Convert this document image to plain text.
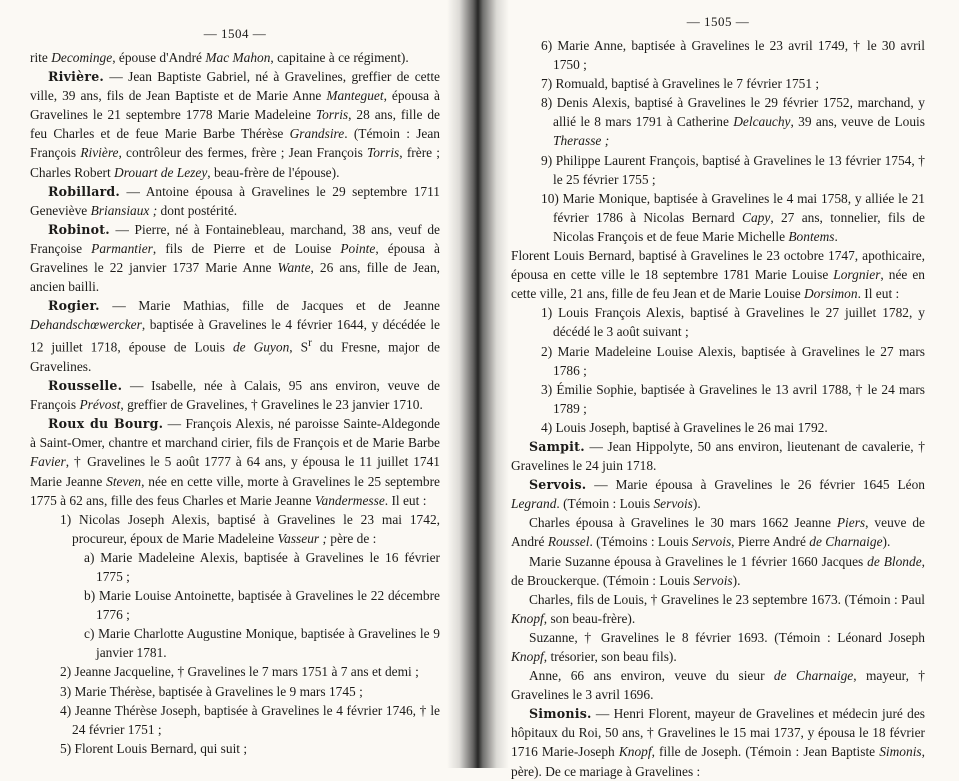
— 1504 —

rite Decominge, épouse d'André Mac Mahon, capitaine à ce régiment).

Rivière. — Jean Baptiste Gabriel, né à Gravelines, greffier de cette ville, 39 ans, fils de Jean Baptiste et de Marie Anne Manteguet, épousa à Gravelines le 21 septembre 1778 Marie Madeleine Torris, 28 ans, fille de feu Charles et de feue Marie Barbe Thérèse Grandsire. (Témoin : Jean François Rivière, contrôleur des fermes, frère ; Jean François Torris, frère ; Charles Robert Drouart de Lezey, beau-frère de l'épouse).

Robillard. — Antoine épousa à Gravelines le 29 septembre 1711 Geneviève Briansiaux ; dont postérité.

Robinot. — Pierre, né à Fontainebleau, marchand, 38 ans, veuf de Françoise Parmantier, fils de Pierre et de Louise Pointe, épousa à Gravelines le 22 janvier 1737 Marie Anne Wante, 26 ans, fille de Jean, ancien bailli.

Rogier. — Marie Mathias, fille de Jacques et de Jeanne Dehandschœwercker, baptisée à Gravelines le 4 février 1644, y décédée le 12 juillet 1718, épouse de Louis de Guyon, $S^r$ du Fresne, major de Gravelines.

Rousselle. — Isabelle, née à Calais, 95 ans environ, veuve de François Prévost, greffier de Gravelines, † Gravelines le 23 janvier 1710.

Roux du Bourg. — François Alexis, né paroisse Sainte-Aldegonde à Saint-Omer, chantre et marchand cirier, fils de François et de Marie Barbe Favier, † Gravelines le 5 août 1777 à 64 ans, y épousa le 11 juillet 1741 Marie Jeanne Steven, née en cette ville, morte à Gravelines le 25 septembre 1775 à 62 ans, fille des feus Charles et Marie Jeanne Vandermesse. Il eut :

1) Nicolas Joseph Alexis, baptisé à Gravelines le 23 mai 1742, procureur, époux de Marie Madeleine Vasseur ; père de :

a) Marie Madeleine Alexis, baptisée à Gravelines le 16 février 1775 ;

b) Marie Louise Antoinette, baptisée à Gravelines le 22 décembre 1776 ;

c) Marie Charlotte Augustine Monique, baptisée à Gravelines le 9 janvier 1781.

2) Jeanne Jacqueline, † Gravelines le 7 mars 1751 à 7 ans et demi ;

3) Marie Thérèse, baptisée à Gravelines le 9 mars 1745 ;

4) Jeanne Thérèse Joseph, baptisée à Gravelines le 4 février 1746, † le 24 février 1751 ;

5) Florent Louis Bernard, qui suit ;

— 1505 —

6) Marie Anne, baptisée à Gravelines le 23 avril 1749, † le 30 avril 1750 ;

7) Romuald, baptisé à Gravelines le 7 février 1751 ;

8) Denis Alexis, baptisé à Gravelines le 29 février 1752, marchand, y allié le 8 mars 1791 à Catherine Delcauchy, 39 ans, veuve de Louis Therasse ;

9) Philippe Laurent François, baptisé à Gravelines le 13 février 1754, † le 25 février 1755 ;

10) Marie Monique, baptisée à Gravelines le 4 mai 1758, y alliée le 21 février 1786 à Nicolas Bernard Capy, 27 ans, tonnelier, fils de Nicolas François et de feue Marie Michelle Bontems.

Florent Louis Bernard, baptisé à Gravelines le 23 octobre 1747, apothicaire, épousa en cette ville le 18 septembre 1781 Marie Louise Lorgnier, née en cette ville, 21 ans, fille de feu Jean et de Marie Louise Dorsimon. Il eut :

1) Louis François Alexis, baptisé à Gravelines le 27 juillet 1782, y décédé le 3 août suivant ;

2) Marie Madeleine Louise Alexis, baptisée à Gravelines le 27 mars 1786 ;

3) Émilie Sophie, baptisée à Gravelines le 13 avril 1788, † le 24 mars 1789 ;

4) Louis Joseph, baptisé à Gravelines le 26 mai 1792.

Sampit. — Jean Hippolyte, 50 ans environ, lieutenant de cavalerie, † Gravelines le 24 juin 1718.

Servois. — Marie épousa à Gravelines le 26 février 1645 Léon Legrand. (Témoin : Louis Servois).

Charles épousa à Gravelines le 30 mars 1662 Jeanne Piers, veuve de André Roussel. (Témoins : Louis Servois, Pierre André de Charnaige).

Marie Suzanne épousa à Gravelines le 1 février 1660 Jacques de Blonde, de Brouckerque. (Témoin : Louis Servois).

Charles, fils de Louis, † Gravelines le 23 septembre 1673. (Témoin : Paul Knopf, son beau-frère).

Suzanne, † Gravelines le 8 février 1693. (Témoin : Léonard Joseph Knopf, trésorier, son beau fils).

Anne, 66 ans environ, veuve du sieur de Charnaige, mayeur, † Gravelines le 3 avril 1696.

Simonis. — Henri Florent, mayeur de Gravelines et médecin juré des hôpitaux du Roi, 50 ans, † Gravelines le 15 mai 1737, y épousa le 18 février 1716 Marie-Joseph Knopf, fille de Joseph. (Témoin : Jean Baptiste Simonis, père). De ce mariage à Gravelines :
